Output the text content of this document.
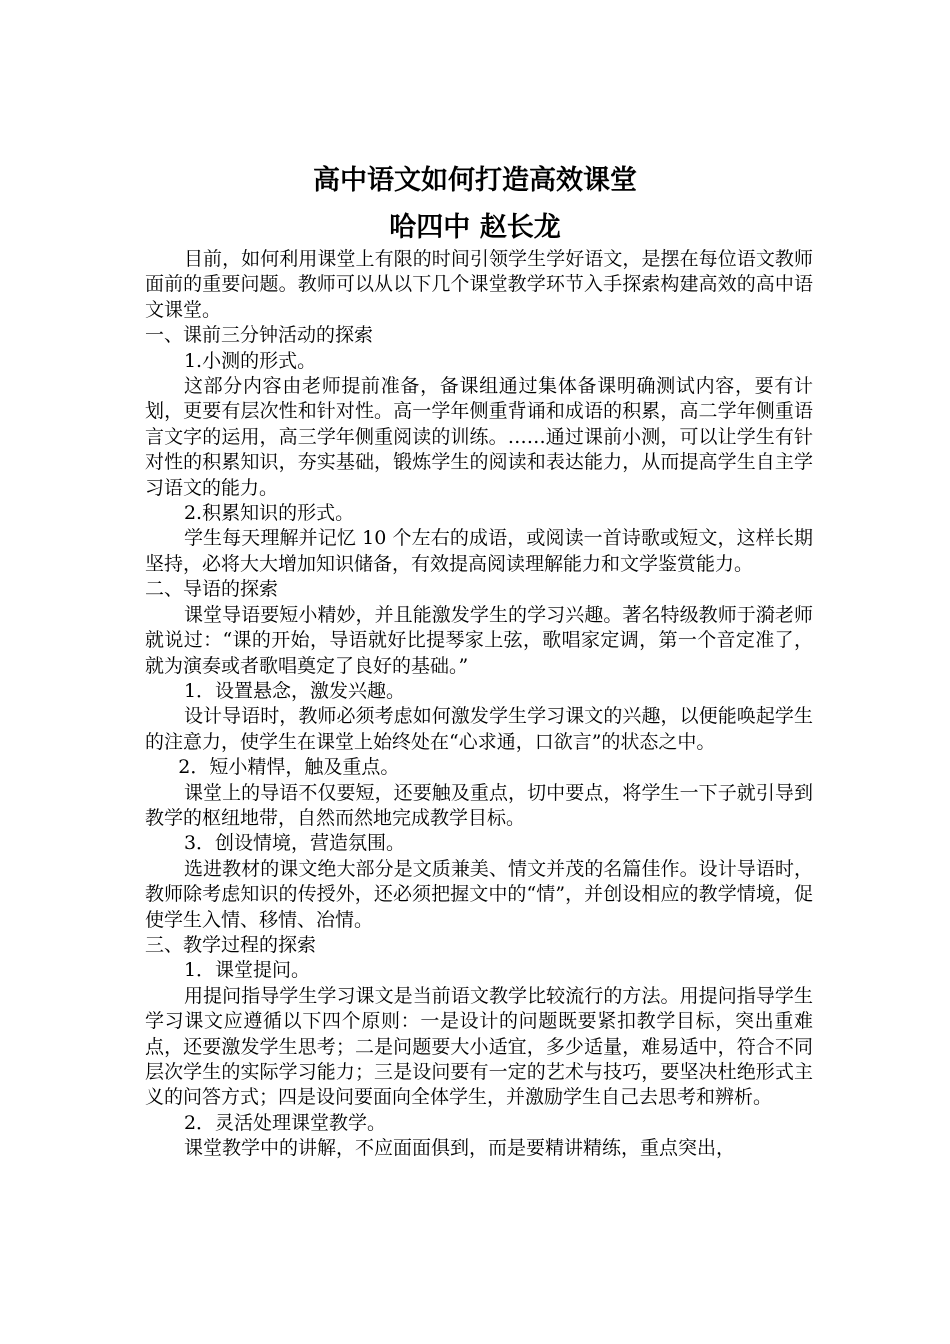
高中语文如何打造高效课堂
哈四中 赵长龙

目前，如何利用课堂上有限的时间引领学生学好语文，是摆在每位语文教师面前的重要问题。教师可以从以下几个课堂教学环节入手探索构建高效的高中语文课堂。

一、课前三分钟活动的探索

1.小测的形式。

这部分内容由老师提前准备，备课组通过集体备课明确测试内容，要有计划，更要有层次性和针对性。高一学年侧重背诵和成语的积累，高二学年侧重语言文字的运用，高三学年侧重阅读的训练。……通过课前小测，可以让学生有针对性的积累知识，夯实基础，锻炼学生的阅读和表达能力，从而提高学生自主学习语文的能力。

2.积累知识的形式。

学生每天理解并记忆 10 个左右的成语，或阅读一首诗歌或短文，这样长期坚持，必将大大增加知识储备，有效提高阅读理解能力和文学鉴赏能力。

二、导语的探索

课堂导语要短小精妙，并且能激发学生的学习兴趣。著名特级教师于漪老师就说过：“课的开始，导语就好比提琴家上弦，歌唱家定调，第一个音定准了，就为演奏或者歌唱奠定了良好的基础。”

1．设置悬念，激发兴趣。

设计导语时，教师必须考虑如何激发学生学习课文的兴趣，以便能唤起学生的注意力，使学生在课堂上始终处在“心求通，口欲言”的状态之中。

2．短小精悍，触及重点。

课堂上的导语不仅要短，还要触及重点，切中要点，将学生一下子就引导到教学的枢纽地带，自然而然地完成教学目标。

3．创设情境，营造氛围。

选进教材的课文绝大部分是文质兼美、情文并茂的名篇佳作。设计导语时，教师除考虑知识的传授外，还必须把握文中的“情”，并创设相应的教学情境，促使学生入情、移情、冶情。

三、教学过程的探索

1．课堂提问。

用提问指导学生学习课文是当前语文教学比较流行的方法。用提问指导学生学习课文应遵循以下四个原则：一是设计的问题既要紧扣教学目标，突出重难点，还要激发学生思考；二是问题要大小适宜，多少适量，难易适中，符合不同层次学生的实际学习能力；三是设问要有一定的艺术与技巧，要坚决杜绝形式主义的问答方式；四是设问要面向全体学生，并激励学生自己去思考和辨析。

2．灵活处理课堂教学。

课堂教学中的讲解，不应面面俱到，而是要精讲精练，重点突出，
